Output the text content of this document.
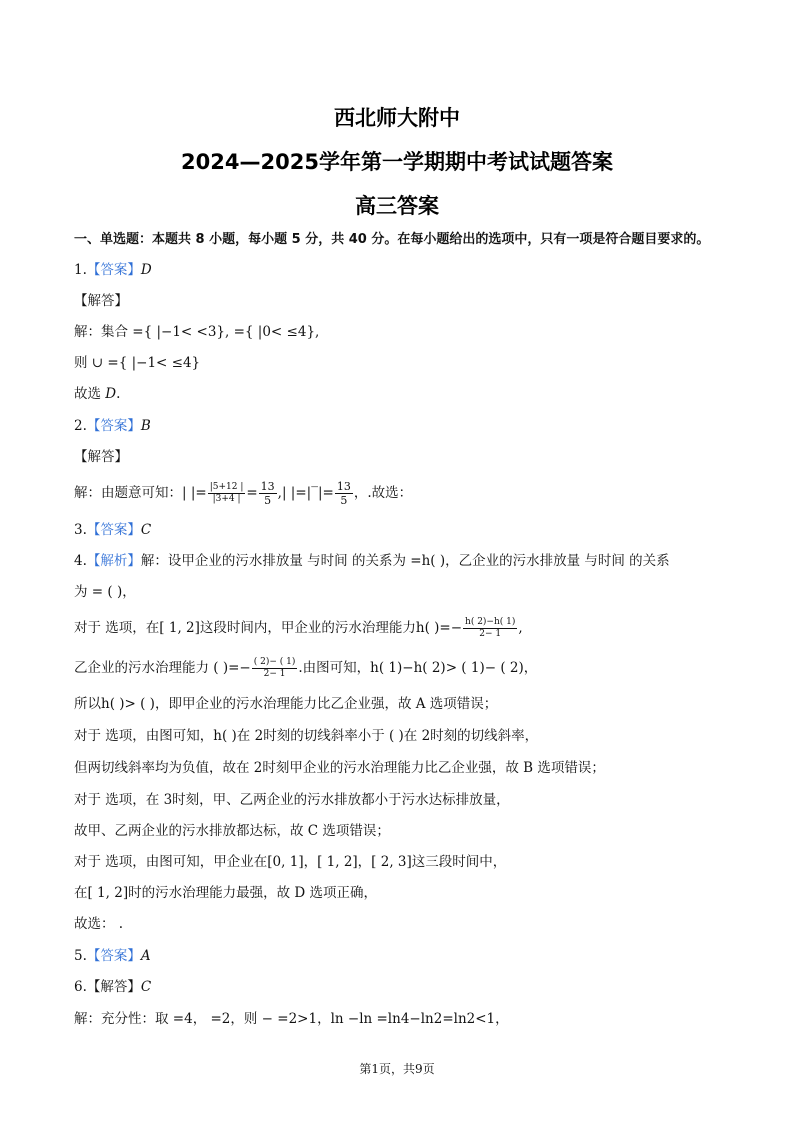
西北师大附中
2024—2025学年第一学期期中考试试题答案
高三答案
一、单选题：本题共 8 小题，每小题 5 分，共 40 分。在每小题给出的选项中，只有一项是符合题目要求的。
1.【答案】D
【解答】
解：集合 ={ |−1< <3}, ={ |0< ≤4},
则 ∪ ={ |−1< ≤4}
故选 D.
2.【答案】B
【解答】
解：由题意可知：| |= $\frac{|5+12 |}{|3+4 |} = \frac{13}{5}$ ,| |=|‾|= $\frac{13}{5}$ ，.故选：
3.【答案】C
4.【解析】解：设甲企业的污水排放量 与时间 的关系为 =h( )，乙企业的污水排放量 与时间 的关系
为 = ( )，
对于 选项，在[ 1, 2]这段时间内，甲企业的污水治理能力h( )=− $\frac{h( 2)-h( 1)}{2- 1}$ ,
乙企业的污水治理能力 ( )=− $\frac{( 2)- ( 1)}{2- 1}$ .由图可知，h( 1)−h( 2)> ( 1)− ( 2)，
所以h( )> ( )，即甲企业的污水治理能力比乙企业强，故 A 选项错误；
对于 选项，由图可知，h( )在 2时刻的切线斜率小于 ( )在 2时刻的切线斜率，
但两切线斜率均为负值，故在 2时刻甲企业的污水治理能力比乙企业强，故 B 选项错误；
对于 选项，在 3时刻，甲、乙两企业的污水排放都小于污水达标排放量，
故甲、乙两企业的污水排放都达标，故 C 选项错误；
对于 选项，由图可知，甲企业在[0, 1]，[ 1, 2]，[ 2, 3]这三段时间中，
在[ 1, 2]时的污水治理能力最强，故 D 选项正确，
故选： .
5.【答案】A
6.【解答】C
解：充分性：取 =4， =2，则 − =2>1，ln −ln =ln4−ln2=ln2<1，
第1页，共9页
